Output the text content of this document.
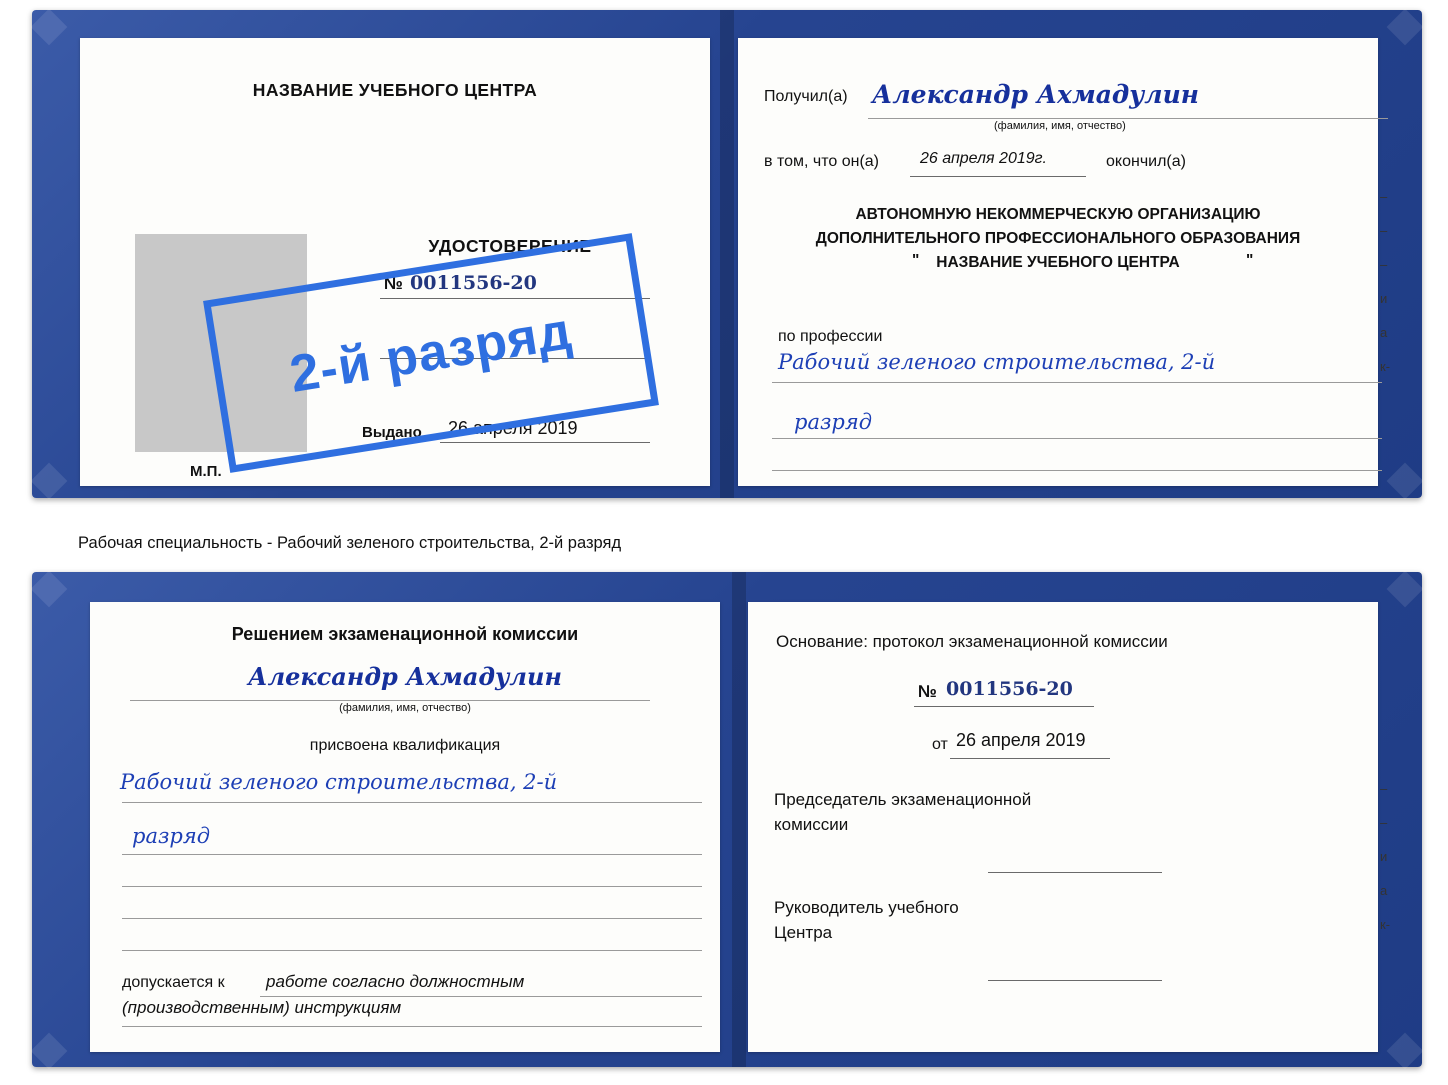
НАЗВАНИЕ УЧЕБНОГО ЦЕНТРА
УДОСТОВЕРЕНИЕ
№ 0011556-20
Выдано 26 апреля 2019
М.П.
Получил(а) Александр Ахмадулин
(фамилия, имя, отчество)
в том, что он(а)	26 апреля 2019г.	окончил(а)
АВТОНОМНУЮ НЕКОММЕРЧЕСКУЮ ОРГАНИЗАЦИЮ
ДОПОЛНИТЕЛЬНОГО ПРОФЕССИОНАЛЬНОГО ОБРАЗОВАНИЯ
"	НАЗВАНИЕ УЧЕБНОГО ЦЕНТРА	"
по профессии
Рабочий зеленого строительства, 2-й
разряд
–
–
–
и
а
к-
2-й разряд
Рабочая специальность - Рабочий зеленого строительства, 2-й разряд
Решением экзаменационной комиссии
Александр Ахмадулин
(фамилия, имя, отчество)
присвоена квалификация
Рабочий зеленого строительства, 2-й
разряд
допускается к работе согласно должностным
(производственным) инструкциям
Основание: протокол экзаменационной комиссии
№ 0011556-20
от 26 апреля 2019
Председатель экзаменационной
комиссии
Руководитель учебного
Центра
–
–
и
а
к-
